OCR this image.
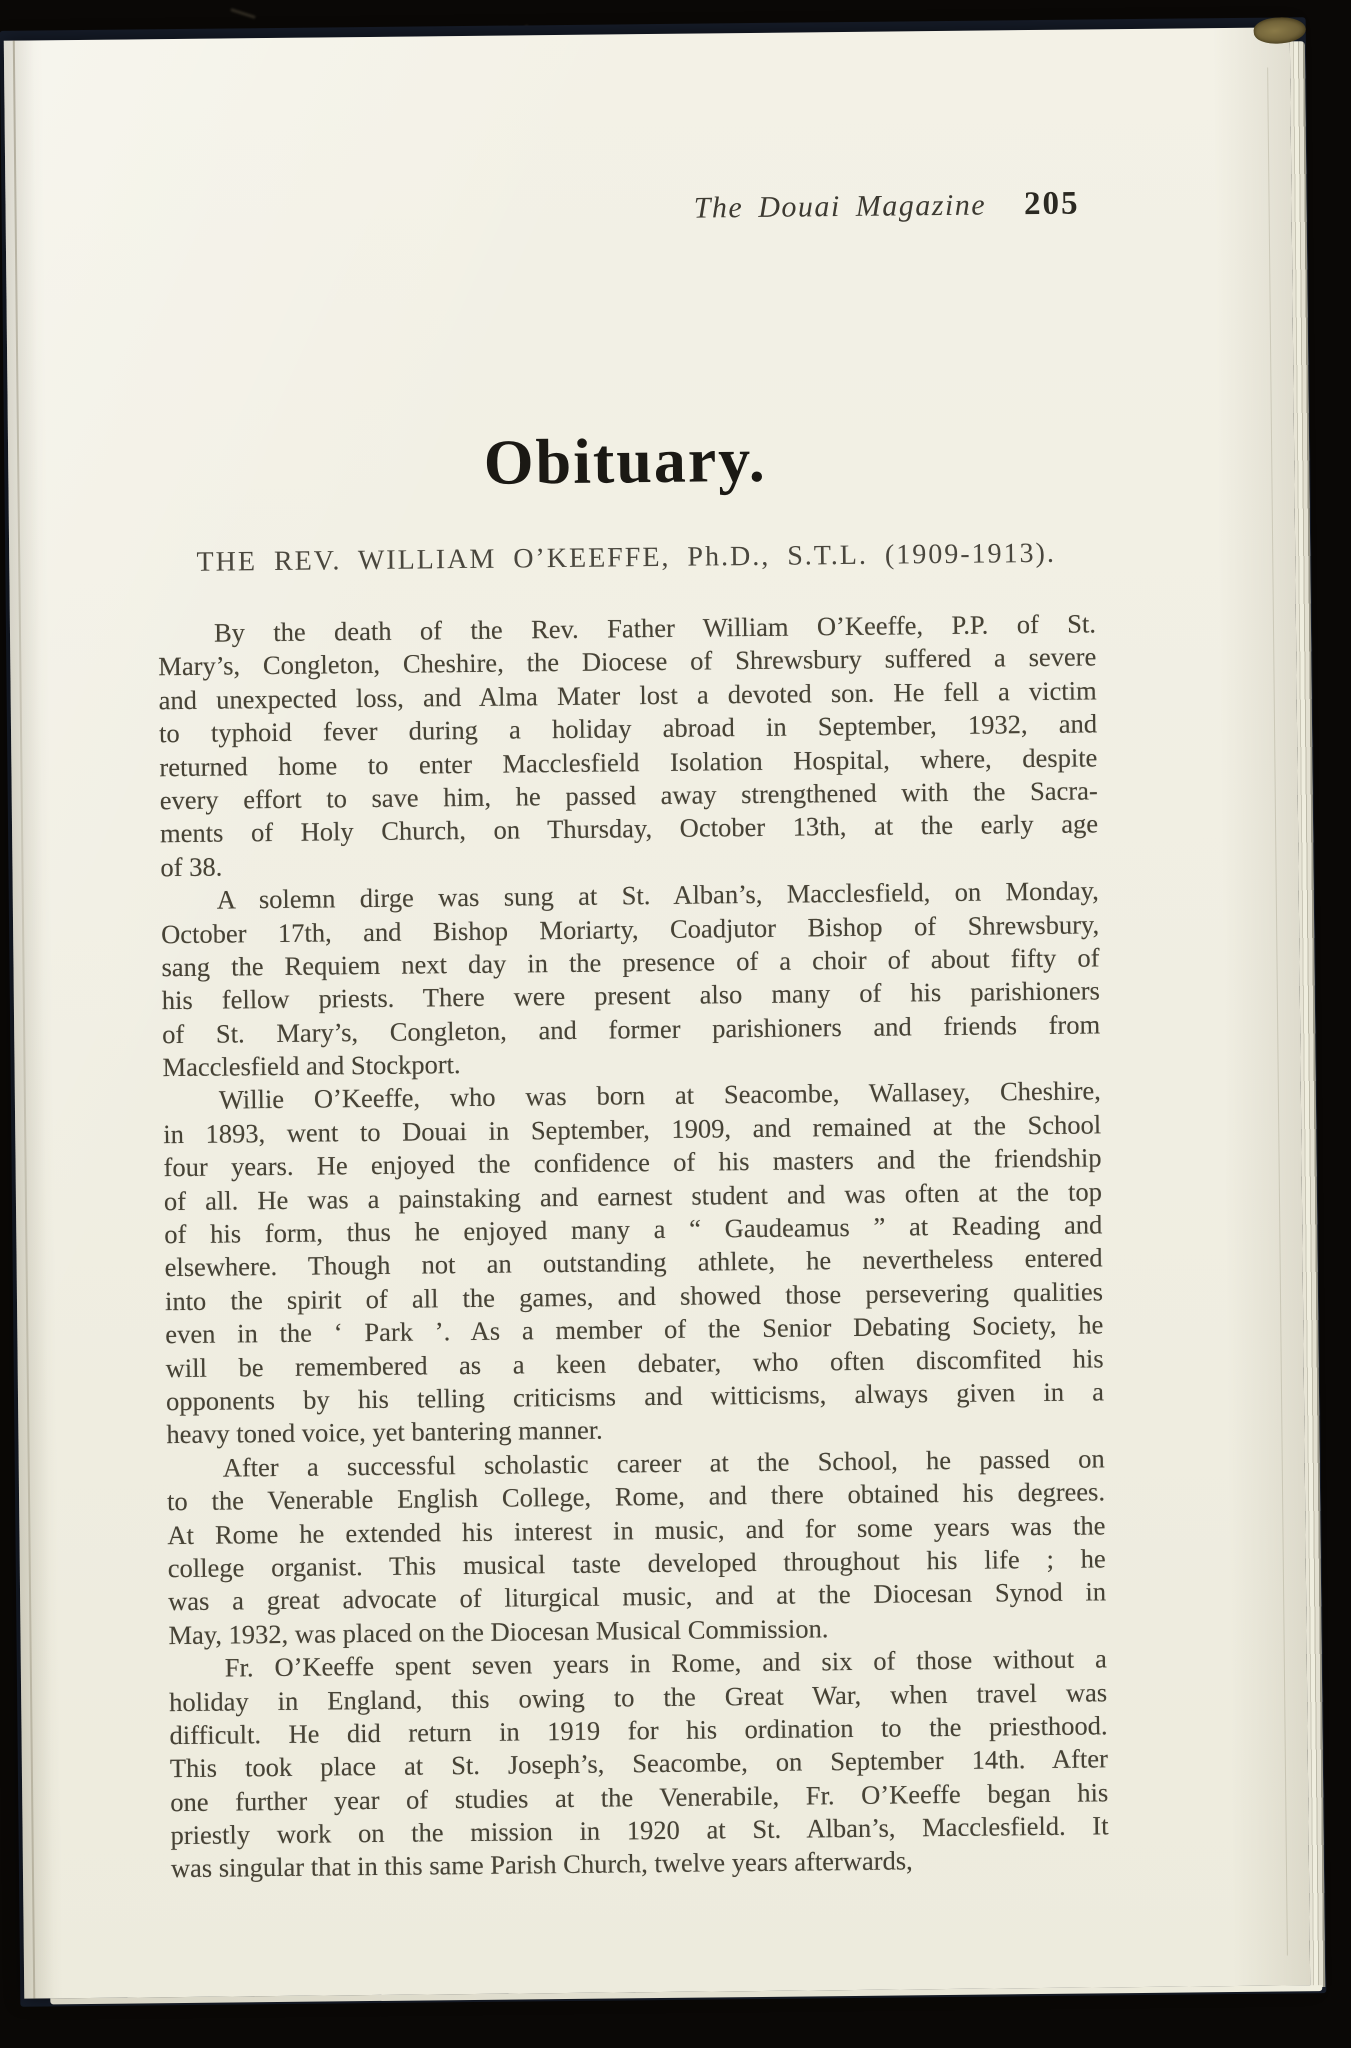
The Douai Magazine 205
Obituary.
THE REV. WILLIAM O’KEEFFE, Ph.D., S.T.L. (1909-1913).
By the death of the Rev. Father William O’Keeffe, P.P. of St.
Mary’s, Congleton, Cheshire, the Diocese of Shrewsbury suffered a severe
and unexpected loss, and Alma Mater lost a devoted son. He fell a victim
to typhoid fever during a holiday abroad in September, 1932, and
returned home to enter Macclesfield Isolation Hospital, where, despite
every effort to save him, he passed away strengthened with the Sacra-
ments of Holy Church, on Thursday, October 13th, at the early age
of 38.
A solemn dirge was sung at St. Alban’s, Macclesfield, on Monday,
October 17th, and Bishop Moriarty, Coadjutor Bishop of Shrewsbury,
sang the Requiem next day in the presence of a choir of about fifty of
his fellow priests. There were present also many of his parishioners
of St. Mary’s, Congleton, and former parishioners and friends from
Macclesfield and Stockport.
Willie O’Keeffe, who was born at Seacombe, Wallasey, Cheshire,
in 1893, went to Douai in September, 1909, and remained at the School
four years. He enjoyed the confidence of his masters and the friendship
of all. He was a painstaking and earnest student and was often at the top
of his form, thus he enjoyed many a “ Gaudeamus ” at Reading and
elsewhere. Though not an outstanding athlete, he nevertheless entered
into the spirit of all the games, and showed those persevering qualities
even in the ‘ Park ’. As a member of the Senior Debating Society, he
will be remembered as a keen debater, who often discomfited his
opponents by his telling criticisms and witticisms, always given in a
heavy toned voice, yet bantering manner.
After a successful scholastic career at the School, he passed on
to the Venerable English College, Rome, and there obtained his degrees.
At Rome he extended his interest in music, and for some years was the
college organist. This musical taste developed throughout his life ; he
was a great advocate of liturgical music, and at the Diocesan Synod in
May, 1932, was placed on the Diocesan Musical Commission.
Fr. O’Keeffe spent seven years in Rome, and six of those without a
holiday in England, this owing to the Great War, when travel was
difficult. He did return in 1919 for his ordination to the priesthood.
This took place at St. Joseph’s, Seacombe, on September 14th. After
one further year of studies at the Venerabile, Fr. O’Keeffe began his
priestly work on the mission in 1920 at St. Alban’s, Macclesfield. It
was singular that in this same Parish Church, twelve years afterwards,
